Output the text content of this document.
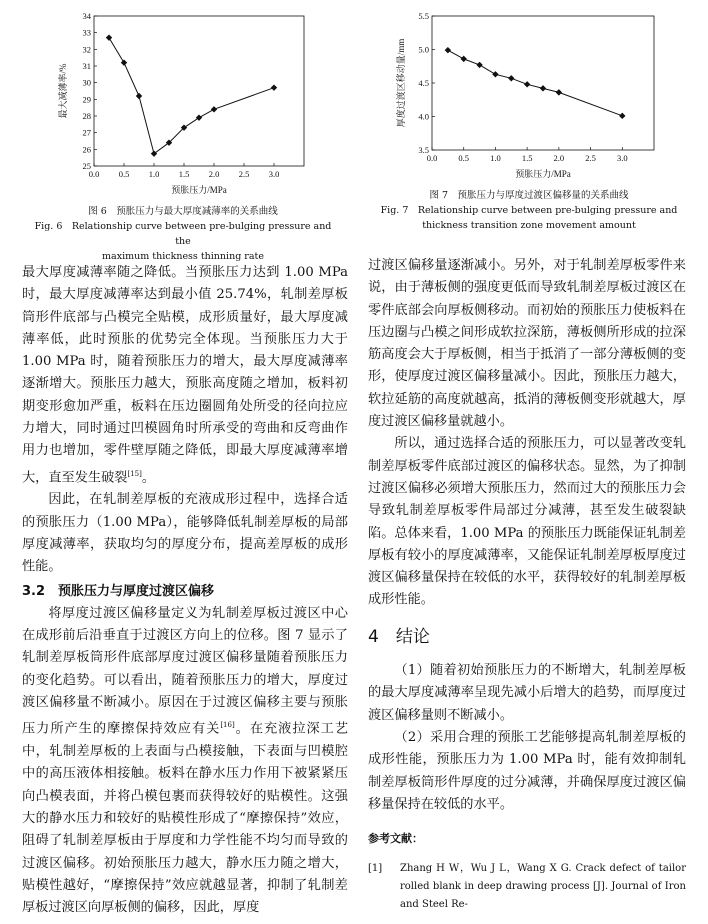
0.0 0.5 1.0 1.5 2.0 2.5 3.0
25
26
27
28
29
30
31
32
33
34
预胀压力/MPa
最大减薄率/%
图 6　预胀压力与最大厚度减薄率的关系曲线
Fig. 6　Relationship curve between pre-bulging pressure and the
maximum thickness thinning rate
0.0 0.5 1.0 1.5 2.0 2.5 3.0
3.5
4.0
4.5
5.0
5.5
预胀压力/MPa
厚度过渡区移动量/mm
图 7　预胀压力与厚度过渡区偏移量的关系曲线
Fig. 7　Relationship curve between pre-bulging pressure and
thickness transition zone movement amount

最大厚度减薄率随之降低。当预胀压力达到 1.00 MPa 时，最大厚度减薄率达到最小值 25.74%，轧制差厚板筒形件底部与凸模完全贴模，成形质量好，最大厚度减薄率低，此时预胀的优势完全体现。当预胀压力大于 1.00 MPa 时，随着预胀压力的增大，最大厚度减薄率逐渐增大。预胀压力越大，预胀高度随之增加，板料初期变形愈加严重，板料在压边圈圆角处所受的径向拉应力增大，同时通过凹模圆角时所承受的弯曲和反弯曲作用力也增加，零件壁厚随之降低，即最大厚度减薄率增大，直至发生破裂[15]。

因此，在轧制差厚板的充液成形过程中，选择合适的预胀压力（1.00 MPa），能够降低轧制差厚板的局部厚度减薄率，获取均匀的厚度分布，提高差厚板的成形性能。

3.2　预胀压力与厚度过渡区偏移

将厚度过渡区偏移量定义为轧制差厚板过渡区中心在成形前后沿垂直于过渡区方向上的位移。图 7 显示了轧制差厚板筒形件底部厚度过渡区偏移量随着预胀压力的变化趋势。可以看出，随着预胀压力的增大，厚度过渡区偏移量不断减小。原因在于过渡区偏移主要与预胀压力所产生的摩擦保持效应有关[16]。在充液拉深工艺中，轧制差厚板的上表面与凸模接触，下表面与凹模腔中的高压液体相接触。板料在静水压力作用下被紧紧压向凸模表面，并将凸模包裹而获得较好的贴模性。这强大的静水压力和较好的贴模性形成了“摩擦保持”效应，阻碍了轧制差厚板由于厚度和力学性能不均匀而导致的过渡区偏移。初始预胀压力越大，静水压力随之增大，贴模性越好，“摩擦保持”效应就越显著，抑制了轧制差厚板过渡区向厚板侧的偏移，因此，厚度

过渡区偏移量逐渐减小。另外，对于轧制差厚板零件来说，由于薄板侧的强度更低而导致轧制差厚板过渡区在零件底部会向厚板侧移动。而初始的预胀压力使板料在压边圈与凸模之间形成软拉深筋，薄板侧所形成的拉深筋高度会大于厚板侧，相当于抵消了一部分薄板侧的变形，使厚度过渡区偏移量减小。因此，预胀压力越大，软拉延筋的高度就越高，抵消的薄板侧变形就越大，厚度过渡区偏移量就越小。

所以，通过选择合适的预胀压力，可以显著改变轧制差厚板零件底部过渡区的偏移状态。显然，为了抑制过渡区偏移必须增大预胀压力，然而过大的预胀压力会导致轧制差厚板零件局部过分减薄，甚至发生破裂缺陷。总体来看，1.00 MPa 的预胀压力既能保证轧制差厚板有较小的厚度减薄率，又能保证轧制差厚板厚度过渡区偏移量保持在较低的水平，获得较好的轧制差厚板成形性能。

4　结论

（1）随着初始预胀压力的不断增大，轧制差厚板的最大厚度减薄率呈现先减小后增大的趋势，而厚度过渡区偏移量则不断减小。

（2）采用合理的预胀工艺能够提高轧制差厚板的成形性能，预胀压力为 1.00 MPa 时，能有效抑制轧制差厚板筒形件厚度的过分减薄，并确保厚度过渡区偏移量保持在较低的水平。

参考文献：
[1]	Zhang H W，Wu J L，Wang X G. Crack defect of tailor rolled blank in deep drawing process [J]. Journal of Iron and Steel Re-
